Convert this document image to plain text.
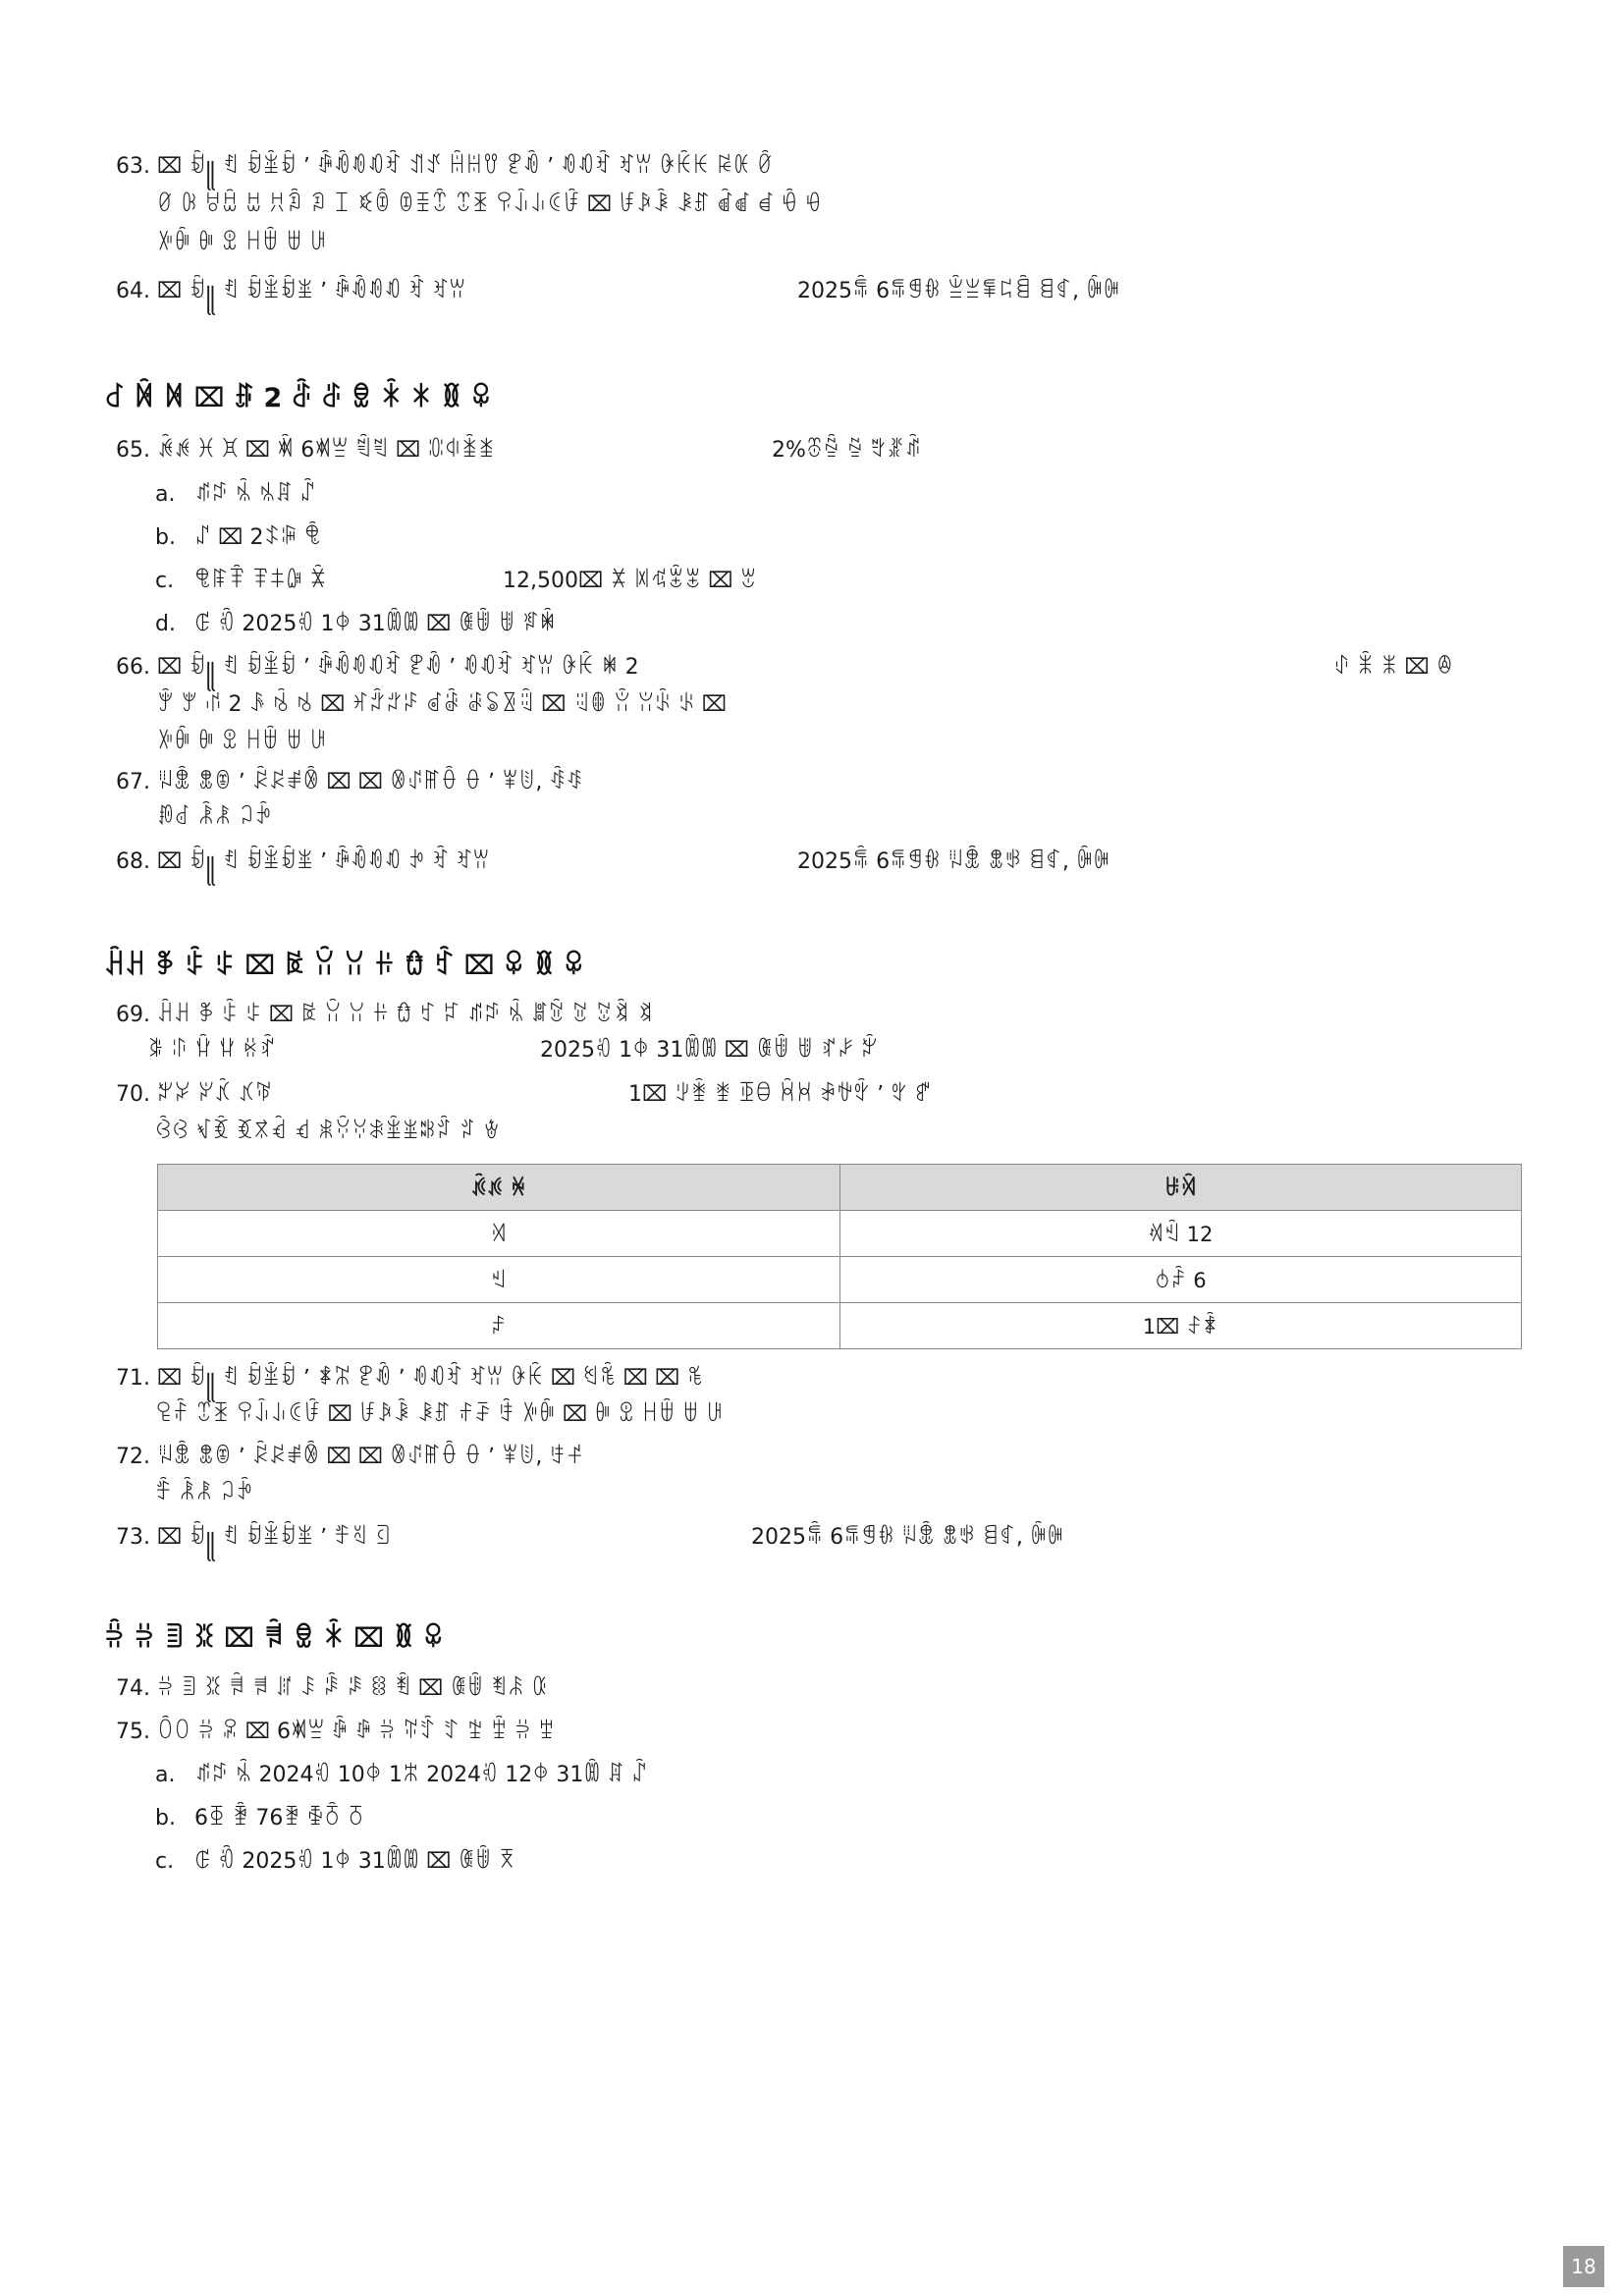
63. ⌧ ꀁ꧋ ꈓ ꀁꃾꀁ ʼ ꄴꀐꀑꀒꀓ ꀊꀋ ꀌꀍꀎ ꀏꀐ ʼ ꀑꀒꀓ ꀔꀕ ꀖꀗꀘ ꀙꀚ ꀛ
ꀜ ꀝ ꀞꀟ ꀠ ꀡꀢ ꀣ ꀤ ꀥꀦ ꀧꀨꀩ ꀪꀫ ꀬꀭꀮꀯꀰ ⌧ ꀱꀲꀳ ꀴꀵ ꀶꀷ ꀸ ꀹ ꀺ
ꀻꀼ ꀽ ꀾ ꀿꁀ ꁁ ꁂ
64. ⌧ ꀁ꧋ ꈓ ꀁꃾꀁꃿ ʼ ꄴꀐꀑꀒ ꀓ ꀔꀕ	2025ꁃ 6ꁄꁅꁆ ꁇꁈꁉꁊꁋ ꁌꁍ, ꁎꁏ
ꁐ ꁑ ꁒ ⌧ ꁓ 2 ꁔ ꁕ ꁖ ꁗ ꁘ ꁙ ꁚ
65. ꁛꁜ ꁝ ꁞ ⌧ ꁟ 6ꁠꁡ ꁢꁣ ⌧ ꁤꁥꁦꁧ	2%ꁨꁩ ꁪ ꁫꁬꁭ
a. ꁮꁯ ꁰ ꁱꁲ ꁳ
b. ꁴ ⌧ 2ꁵꁶ ꁷ
c. ꁸꁹꁺ ꁻꁼꁽ ꁾ	12,500⌧ ꁿ ꂀꂁꂂꂃ ⌧ ꂄ
d. ꂅ ꂆ 2025ꂇ 1ꂈ 31ꂉꂊ ⌧ ꂋꂌ ꂍ ꂎꂏ
66. ⌧ ꀁ꧋ ꈓ ꀁꃾꀁ ʼ ꄴꀐꀑꀒꀓ ꀏꀐ ʼ ꀑꀒꀓ ꀔꀕ ꀖꀗ ꂐ 2	ꂑ ꂒ ꂓ ⌧ ꂔ
ꂕ ꂖ ꂗ 2 ꂘ ꂙ ꂚ ⌧ ꂛꂜꂝꂞ ꂟꂠ ꂡꂢꂣꂤ ⌧ ꂥꂦ ꂧ ꂨꂩ ꂪ ⌧
ꀻꀼ ꀽ ꀾ ꀿꁀ ꁁ ꁂ
67. ꂫꂬ ꂭꂮ ʼ ꂯꂰꂱꂲ ⌧ ⌧ ꂳꂴꂵꂶ ꂷ ʼ ꂸꂹ, ꂺꂻ
ꂼꂽ ꂾꂿ ꃀꃁ
68. ⌧ ꀁ꧋ ꈓ ꀁꃾꀁꃿ ʼ ꄴꀐꀑꀒ ꃂ ꀓ ꀔꀕ	2025ꁃ 6ꁄꁅꁆ ꂫꂬ ꂭꃃ ꁌꁍ, ꁎꁏ
ꃄꃅ ꃆ ꃇ ꃈ ⌧ ꃉ ꃊ ꃋ ꃌ ꃍ ꃎ ⌧ ꁚ ꁙ ꁚ
69. ꃄꃅ ꃆ ꃇ ꃈ ⌧ ꃉ ꃊ ꃋ ꃌ ꃍ ꃏ ꃐ ꁮꁯ ꁰ ꃑꃒ ꃓ ꃔꃕ ꃖ
ꃗ ꃘ ꃙ ꃚ ꃛꃜ	2025ꂇ 1ꂈ 31ꂉꂊ ⌧ ꂋꂌ ꂍ ꃝꃞ ꃟ
70. ꃠꃡ ꃢꃣ ꃤꃥ	1⌧ ꃦꃧ ꃨ ꃩꃪ ꃫꃬ ꃭꃮꃯ ʼ ꃰ ꃱ
ꃲꃳ ꃴꃵ ꃶꃷꃸ ꃹ ꃺꃻꃼꃽꃾꃿꄀꄁ ꄂ ꄃ
ꄄꄅ ꄆ	ꄇꄈ
ꄉ	ꄊꄋ 12
ꄌ	ꄍꄎ 6
ꄏ	1⌧ ꄐꄑ
71. ⌧ ꀁ꧋ ꈓ ꀁꃾꀁ ʼ ꄒꄓ ꀏꀐ ʼ ꀑꀒꀓ ꀔꀕ ꀖꀗ ⌧ ꄔꄕ ⌧ ⌧ ꄖ
ꄗꄘ ꀪꀫ ꀬꀭꀮꀯꀰ ⌧ ꀱꀲꀳ ꀴꀵ ꄙꄚ ꄛ ꀻꀼ ⌧ ꀽ ꀾ ꀿꁀ ꁁ ꁂ
72. ꂫꂬ ꂭꂮ ʼ ꂯꂰꂱꂲ ⌧ ⌧ ꂳꂴꂵꂶ ꂷ ʼ ꂸꂹ, ꄜꄝ
ꄞ ꂾꂿ ꃀꃁ
73. ⌧ ꀁ꧋ ꈓ ꀁꃾꀁꃿ ʼ ꄟꄠ ꄡ	2025ꁃ 6ꁄꁅꁆ ꂫꂬ ꂭꃃ ꁌꁍ, ꁎꁏ
ꄢ ꄣ ꄤ ꄥ ⌧ ꄦ ꁖ ꁗ ⌧ ꁙ ꁚ
74. ꄣ ꄤ ꄥ ꄦ ꄧ ꄨ ꄩ ꄪ ꄫ ꄬ ꄭ ⌧ ꂋꂌ ꄮꄯ ꄰ
75. ꄱꄲ ꄣ ꄳ ⌧ 6ꁠꁡ ꄴ ꄵ ꄣ ꄶꄷ ꄸ ꄹ ꄺ ꄣ ꄻ
a. ꁮꁯ ꁰ 2024ꂇ 10ꂈ 1ꄼ 2024ꂇ 12ꂈ 31ꂉ ꁲ ꁳ
b. 6ꄽ ꄾ 76ꄿ ꅀꅁ ꅂ
c. ꂅ ꂆ 2025ꂇ 1ꂈ 31ꂉꂊ ⌧ ꂋꂌ ꅃ
18
